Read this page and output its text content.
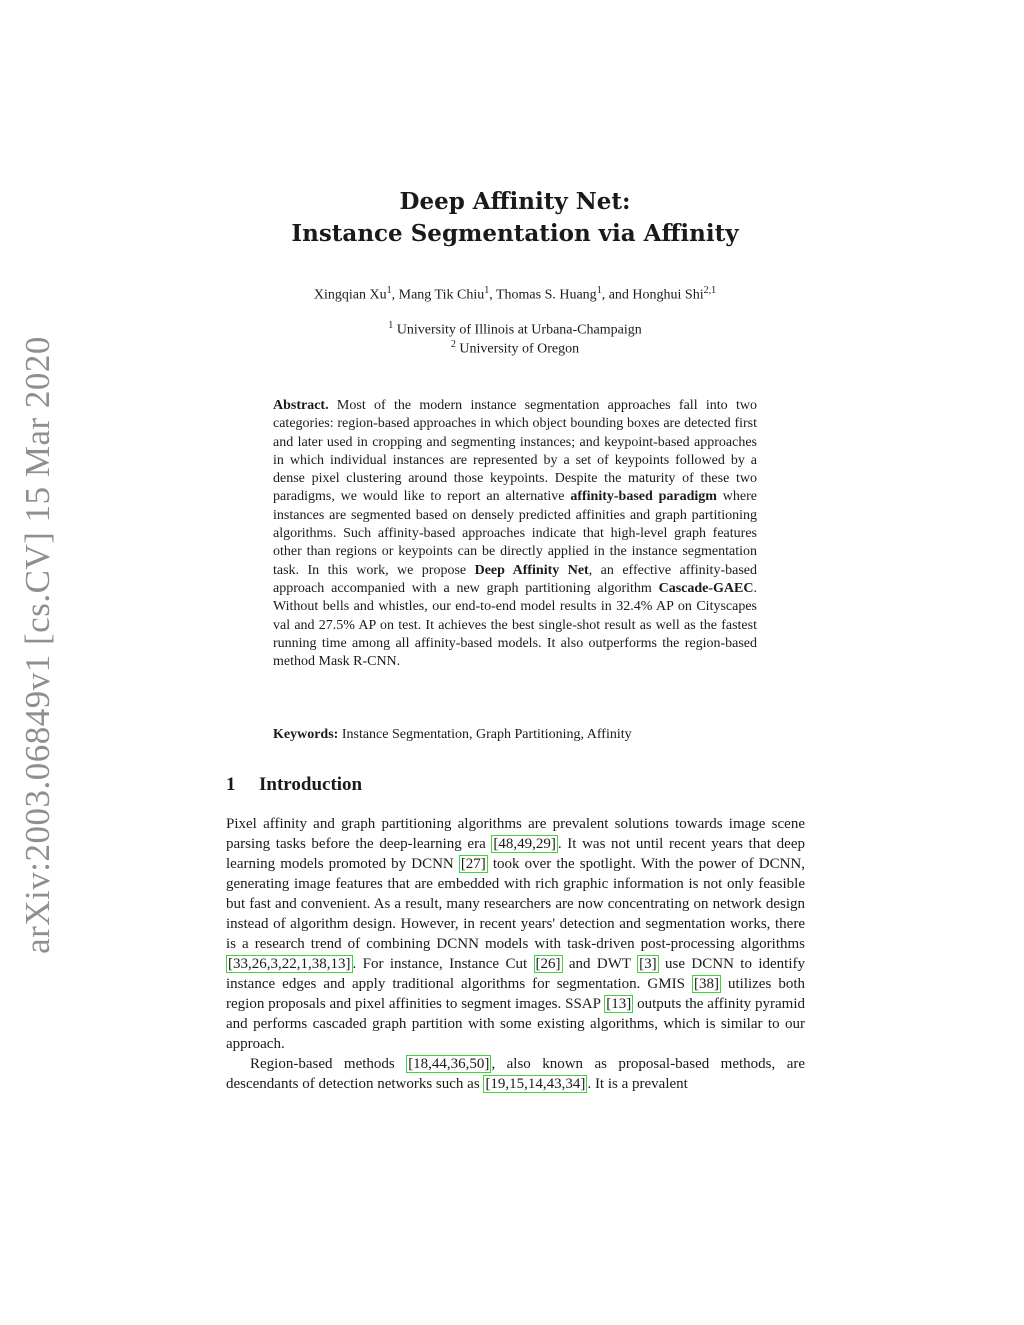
arXiv:2003.06849v1 [cs.CV] 15 Mar 2020
Deep Affinity Net:
Instance Segmentation via Affinity
Xingqian Xu$^1$, Mang Tik Chiu$^1$, Thomas S. Huang$^1$, and Honghui Shi$^{2,1}$
$^1$ University of Illinois at Urbana-Champaign
$^2$ University of Oregon
Abstract. Most of the modern instance segmentation approaches fall into two categories: region-based approaches in which object bounding boxes are detected first and later used in cropping and segmenting instances; and keypoint-based approaches in which individual instances are represented by a set of keypoints followed by a dense pixel clustering around those keypoints. Despite the maturity of these two paradigms, we would like to report an alternative affinity-based paradigm where instances are segmented based on densely predicted affinities and graph partitioning algorithms. Such affinity-based approaches indicate that high-level graph features other than regions or keypoints can be directly applied in the instance segmentation task. In this work, we propose Deep Affinity Net, an effective affinity-based approach accompanied with a new graph partitioning algorithm Cascade-GAEC. Without bells and whistles, our end-to-end model results in 32.4% AP on Cityscapes val and 27.5% AP on test. It achieves the best single-shot result as well as the fastest running time among all affinity-based models. It also outperforms the region-based method Mask R-CNN.
Keywords: Instance Segmentation, Graph Partitioning, Affinity
1 Introduction

Pixel affinity and graph partitioning algorithms are prevalent solutions towards image scene parsing tasks before the deep-learning era [48,49,29] . It was not until recent years that deep learning models promoted by DCNN [27] took over the spotlight. With the power of DCNN, generating image features that are embedded with rich graphic information is not only feasible but fast and convenient. As a result, many researchers are now concentrating on network design instead of algorithm design. However, in recent years' detection and segmentation works, there is a research trend of combining DCNN models with task-driven post-processing algorithms [33,26,3,22,1,38,13] . For instance, Instance Cut [26] and DWT [3] use DCNN to identify instance edges and apply traditional algorithms for segmentation. GMIS [38] utilizes both region proposals and pixel affinities to segment images. SSAP [13] outputs the affinity pyramid and performs cascaded graph partition with some existing algorithms, which is similar to our approach.

Region-based methods [18,44,36,50] , also known as proposal-based methods, are descendants of detection networks such as [19,15,14,43,34] . It is a prevalent
